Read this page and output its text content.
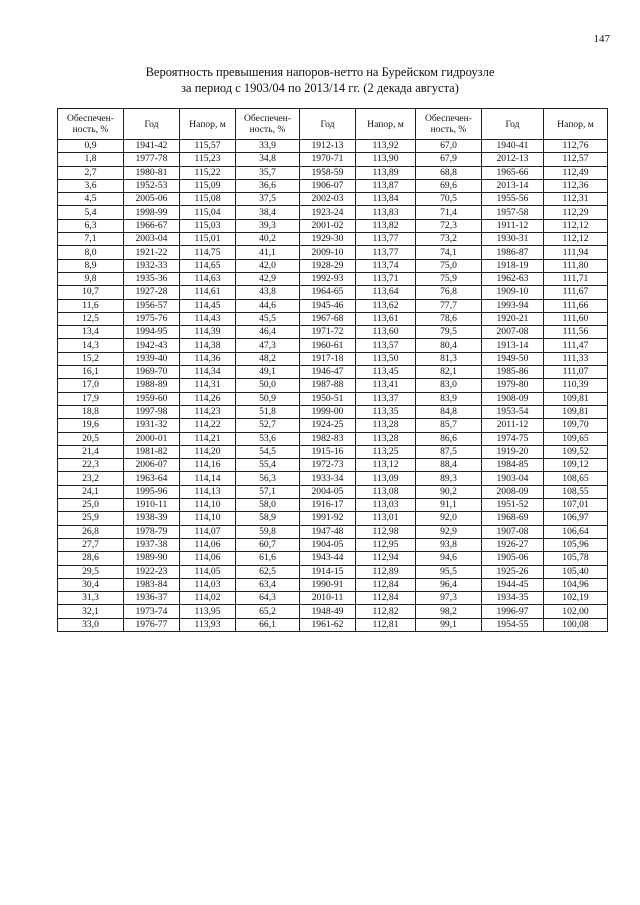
147
Вероятность превышения напоров-нетто на Бурейском гидроузле
за период с 1903/04 по 2013/14 гг. (2 декада августа)
Обеспечен-ность, %	Год	Напор, м	Обеспечен-ность, %	Год	Напор, м	Обеспечен-ность, %	Год	Напор, м
0,9	1941-42	115,57	33,9	1912-13	113,92	67,0	1940-41	112,76
1,8	1977-78	115,23	34,8	1970-71	113,90	67,9	2012-13	112,57
2,7	1980-81	115,22	35,7	1958-59	113,89	68,8	1965-66	112,49
3,6	1952-53	115,09	36,6	1906-07	113,87	69,6	2013-14	112,36
4,5	2005-06	115,08	37,5	2002-03	113,84	70,5	1955-56	112,31
5,4	1998-99	115,04	38,4	1923-24	113,83	71,4	1957-58	112,29
6,3	1966-67	115,03	39,3	2001-02	113,82	72,3	1911-12	112,12
7,1	2003-04	115,01	40,2	1929-30	113,77	73,2	1930-31	112,12
8,0	1921-22	114,75	41,1	2009-10	113,77	74,1	1986-87	111,94
8,9	1932-33	114,65	42,0	1928-29	113,74	75,0	1918-19	111,80
9,8	1935-36	114,63	42,9	1992-93	113,71	75,9	1962-63	111,71
10,7	1927-28	114,61	43,8	1964-65	113,64	76,8	1909-10	111,67
11,6	1956-57	114,45	44,6	1945-46	113,62	77,7	1993-94	111,66
12,5	1975-76	114,43	45,5	1967-68	113,61	78,6	1920-21	111,60
13,4	1994-95	114,39	46,4	1971-72	113,60	79,5	2007-08	111,56
14,3	1942-43	114,38	47,3	1960-61	113,57	80,4	1913-14	111,47
15,2	1939-40	114,36	48,2	1917-18	113,50	81,3	1949-50	111,33
16,1	1969-70	114,34	49,1	1946-47	113,45	82,1	1985-86	111,07
17,0	1988-89	114,31	50,0	1987-88	113,41	83,0	1979-80	110,39
17,9	1959-60	114,26	50,9	1950-51	113,37	83,9	1908-09	109,81
18,8	1997-98	114,23	51,8	1999-00	113,35	84,8	1953-54	109,81
19,6	1931-32	114,22	52,7	1924-25	113,28	85,7	2011-12	109,70
20,5	2000-01	114,21	53,6	1982-83	113,28	86,6	1974-75	109,65
21,4	1981-82	114,20	54,5	1915-16	113,25	87,5	1919-20	109,52
22,3	2006-07	114,16	55,4	1972-73	113,12	88,4	1984-85	109,12
23,2	1963-64	114,14	56,3	1933-34	113,09	89,3	1903-04	108,65
24,1	1995-96	114,13	57,1	2004-05	113,08	90,2	2008-09	108,55
25,0	1910-11	114,10	58,0	1916-17	113,03	91,1	1951-52	107,01
25,9	1938-39	114,10	58,9	1991-92	113,01	92,0	1968-69	106,97
26,8	1978-79	114,07	59,8	1947-48	112,98	92,9	1907-08	106,64
27,7	1937-38	114,06	60,7	1904-05	112,95	93,8	1926-27	105,96
28,6	1989-90	114,06	61,6	1943-44	112,94	94,6	1905-06	105,78
29,5	1922-23	114,05	62,5	1914-15	112,89	95,5	1925-26	105,40
30,4	1983-84	114,03	63,4	1990-91	112,84	96,4	1944-45	104,96
31,3	1936-37	114,02	64,3	2010-11	112,84	97,3	1934-35	102,19
32,1	1973-74	113,95	65,2	1948-49	112,82	98,2	1996-97	102,00
33,0	1976-77	113,93	66,1	1961-62	112,81	99,1	1954-55	100,08
